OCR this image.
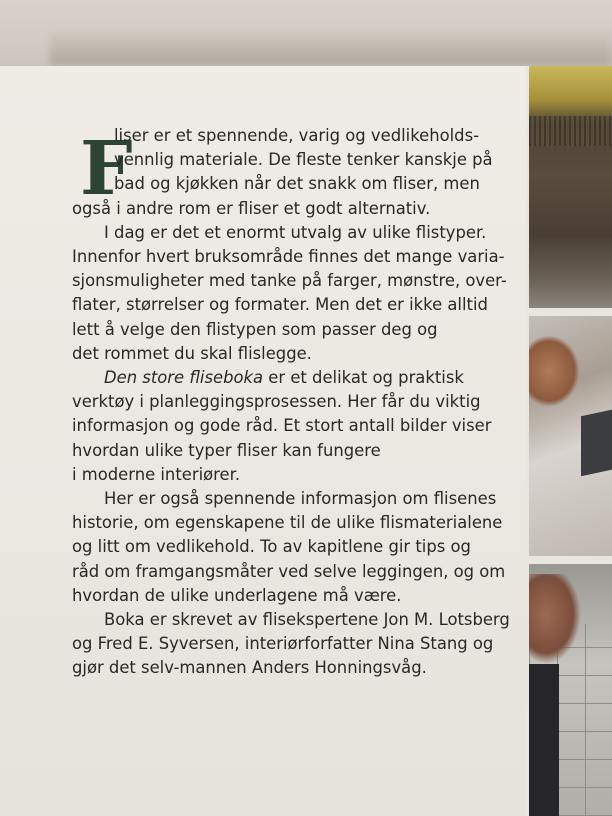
F

liser er et spennende, varig og vedlikeholds-
vennlig materiale. De fleste tenker kanskje på
bad og kjøkken når det snakk om fliser, men
også i andre rom er fliser et godt alternativ.

I dag er det et enormt utvalg av ulike flistyper.
Innenfor hvert bruksområde finnes det mange varia-
sjonsmuligheter med tanke på farger, mønstre, over-
flater, størrelser og formater. Men det er ikke alltid
lett å velge den flistypen som passer deg og
det rommet du skal flislegge.

Den store fliseboka er et delikat og praktisk
verktøy i planleggingsprosessen. Her får du viktig
informasjon og gode råd. Et stort antall bilder viser
hvordan ulike typer fliser kan fungere
i moderne interiører.

Her er også spennende informasjon om flisenes
historie, om egenskapene til de ulike flismaterialene
og litt om vedlikehold. To av kapitlene gir tips og
råd om framgangsmåter ved selve leggingen, og om
hvordan de ulike underlagene må være.

Boka er skrevet av flisekspertene Jon M. Lotsberg
og Fred E. Syversen, interiørforfatter Nina Stang og
gjør det selv-mannen Anders Honningsvåg.
